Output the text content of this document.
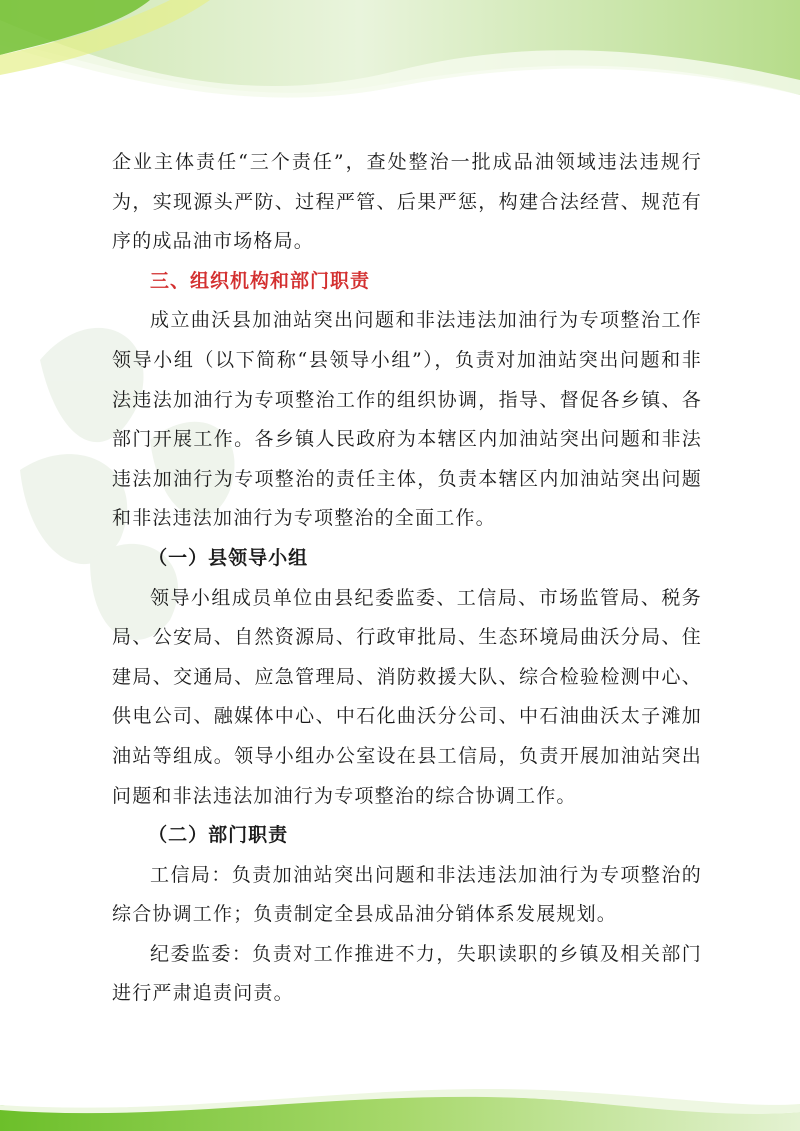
企业主体责任“三个责任”，查处整治一批成品油领域违法违规行为，实现源头严防、过程严管、后果严惩，构建合法经营、规范有序的成品油市场格局。

三、组织机构和部门职责

成立曲沃县加油站突出问题和非法违法加油行为专项整治工作领导小组（以下简称“县领导小组”），负责对加油站突出问题和非法违法加油行为专项整治工作的组织协调，指导、督促各乡镇、各部门开展工作。各乡镇人民政府为本辖区内加油站突出问题和非法违法加油行为专项整治的责任主体，负责本辖区内加油站突出问题和非法违法加油行为专项整治的全面工作。

（一）县领导小组

领导小组成员单位由县纪委监委、工信局、市场监管局、税务局、公安局、自然资源局、行政审批局、生态环境局曲沃分局、住建局、交通局、应急管理局、消防救援大队、综合检验检测中心、供电公司、融媒体中心、中石化曲沃分公司、中石油曲沃太子滩加油站等组成。领导小组办公室设在县工信局，负责开展加油站突出问题和非法违法加油行为专项整治的综合协调工作。

（二）部门职责

工信局：负责加油站突出问题和非法违法加油行为专项整治的综合协调工作；负责制定全县成品油分销体系发展规划。

纪委监委：负责对工作推进不力，失职读职的乡镇及相关部门进行严肃追责问责。
